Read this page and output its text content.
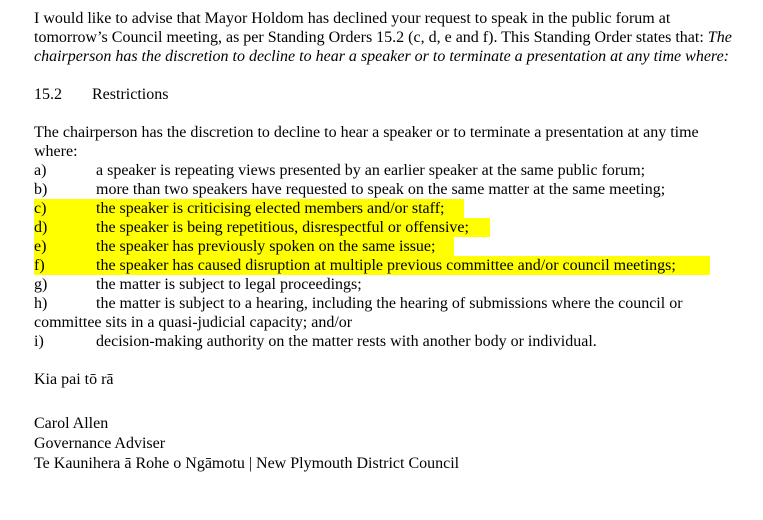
I would like to advise that Mayor Holdom has declined your request to speak in the public forum at tomorrow’s Council meeting, as per Standing Orders 15.2 (c, d, e and f). This Standing Order states that: The chairperson has the discretion to decline to hear a speaker or to terminate a presentation at any time where:

15.2 Restrictions

The chairperson has the discretion to decline to hear a speaker or to terminate a presentation at any time where:

a)	a speaker is repeating views presented by an earlier speaker at the same public forum;
b)	more than two speakers have requested to speak on the same matter at the same meeting;
c)	the speaker is criticising elected members and/or staff;
d)	the speaker is being repetitious, disrespectful or offensive;
e)	the speaker has previously spoken on the same issue;
f)	the speaker has caused disruption at multiple previous committee and/or council meetings;
g)	the matter is subject to legal proceedings;
h)	the matter is subject to a hearing, including the hearing of submissions where the council or committee sits in a quasi-judicial capacity; and/or
i)	decision-making authority on the matter rests with another body or individual.

Kia pai tō rā

Carol Allen

Governance Adviser

Te Kaunihera ā Rohe o Ngāmotu | New Plymouth District Council
